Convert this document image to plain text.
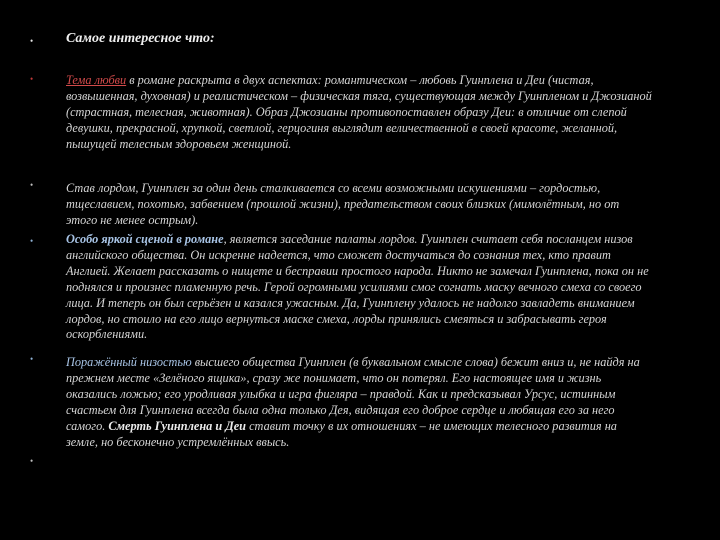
• Самое интересное что:
•	Тема любви в романе раскрыта в двух аспектах: романтическом – любовь Гуинплена и Деи (чистая, возвышенная, духовная) и реалистическом – физическая тяга, существующая между Гуинпленом и Джозианой (страстная, телесная, животная). Образ Джозианы противопоставлен образу Деи: в отличие от слепой девушки, прекрасной, хрупкой, светлой, герцогиня выглядит величественной в своей красоте, желанной, пышущей телесным здоровьем женщиной.

•	Став лордом, Гуинплен за один день сталкивается со всеми возможными искушениями – гордостью, тщеславием, похотью, забвением (прошлой жизни), предательством своих близких (мимолётным, но от этого не менее острым).

•	Особо яркой сценой в романе, является заседание палаты лордов. Гуинплен считает себя посланцем низов английского общества. Он искренне надеется, что сможет достучаться до сознания тех, кто правит Англией. Желает рассказать о нищете и бесправии простого народа. Никто не замечал Гуинплена, пока он не поднялся и произнес пламенную речь. Герой огромными усилиями смог согнать маску вечного смеха со своего лица. И теперь он был серьёзен и казался ужасным. Да, Гуинплену удалось не надолго завладеть вниманием лордов, но стоило на его лицо вернуться маске смеха, лорды принялись смеяться и забрасывать героя оскорблениями.

•	Поражённый низостью высшего общества Гуинплен (в буквальном смысле слова) бежит вниз и, не найдя на прежнем месте «Зелёного ящика», сразу же понимает, что он потерял. Его настоящее имя и жизнь оказались ложью; его уродливая улыбка и игра фигляра – правдой. Как и предсказывал Урсус, истинным счастьем для Гуинплена всегда была одна только Дея, видящая его доброе сердце и любящая его за него самого. Смерть Гуинплена и Деи ставит точку в их отношениях – не имеющих телесного развития на земле, но бесконечно устремлённых ввысь.

•
